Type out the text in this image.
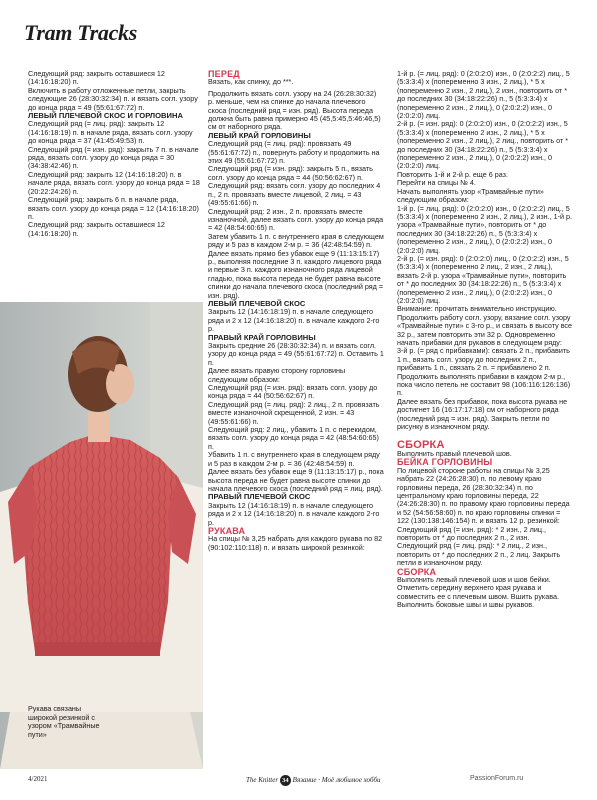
Tram Tracks

Следующий ряд: закрыть оставшиеся 12 (14:16:18:20) п.

Включить в работу отложенные петли, закрыть следующие 26 (28:30:32:34) п. и вязать согл. узору до конца ряда = 49 (55:61:67:72) п.

ЛЕВЫЙ ПЛЕЧЕВОЙ СКОС И ГОРЛОВИНА

Следующий ряд (= лиц. ряд): закрыть 12 (14:16:18:19) п. в начале ряда, вязать согл. узору до конца ряда = 37 (41:45:49:53) п.

Следующий ряд (= изн. ряд): закрыть 7 п. в начале ряда, вязать согл. узору до конца ряда = 30 (34:38:42:46) п.

Следующий ряд: закрыть 12 (14:16:18:20) п. в начале ряда, вязать согл. узору до конца ряда = 18 (20:22:24:26) п.

Следующий ряд: закрыть 6 п. в начале ряда, вязать согл. узору до конца ряда = 12 (14:16:18:20) п.

Следующий ряд: закрыть оставшиеся 12 (14:16:18:20) п.

Рукава связаны широкой резинкой с узором «Трамвайные пути»

ПЕРЕД

Вязать, как спинку, до ***.

Продолжить вязать согл. узору на 24 (26:28:30:32) р. меньше, чем на спинке до начала плечевого скоса (последний ряд = изн. ряд). Высота переда должна быть равна примерно 45 (45,5:45,5:46:46,5) см от наборного ряда.

ЛЕВЫЙ КРАЙ ГОРЛОВИНЫ

Следующий ряд (= лиц. ряд): провязать 49 (55:61:67:72) п., повернуть работу и продолжить на этих 49 (55:61:67:72) п.

Следующий ряд (= изн. ряд): закрыть 5 п., вязать согл. узору до конца ряда = 44 (50:56:62:67) п.

Следующий ряд: вязать согл. узору до последних 4 п., 2 п. провязать вместе лицевой, 2 лиц. = 43 (49:55:61:66) п.

Следующий ряд: 2 изн., 2 п. провязать вместе изнаночной, далее вязать согл. узору до конца ряда = 42 (48:54:60:65) п.

Затем убавить 1 п. с внутреннего края в следующем ряду и 5 раз в каждом 2-м р. = 36 (42:48:54:59) п.

Далее вязать прямо без убавок еще 9 (11:13:15:17) р., выполняя последние 3 п. каждого лицевого ряда и первые 3 п. каждого изнаночного ряда лицевой гладью, пока высота переда не будет равна высоте спинки до начала плечевого скоса (последний ряд = изн. ряд).

ЛЕВЫЙ ПЛЕЧЕВОЙ СКОС

Закрыть 12 (14:16:18:19) п. в начале следующего ряда и 2 х 12 (14:16:18:20) п. в начале каждого 2-го р.

ПРАВЫЙ КРАЙ ГОРЛОВИНЫ

Закрыть средние 26 (28:30:32:34) п. и вязать согл. узору до конца ряда = 49 (55:61:67:72) п. Оставить 1 п.

Далее вязать правую сторону горловины следующим образом:

Следующий ряд (= изн. ряд): вязать согл. узору до конца ряда = 44 (50:56:62:67) п.

Следующий ряд (= лиц. ряд): 2 лиц., 2 п. провязать вместе изнаночной скрещенной, 2 изн. = 43 (49:55:61:66) п.

Следующий ряд: 2 лиц., убавить 1 п. с перекидом, вязать согл. узору до конца ряда = 42 (48:54:60:65) п.

Убавить 1 п. с внутреннего края в следующем ряду и 5 раз в каждом 2-м р. = 36 (42:48:54:59) п.

Далее вязать без убавок еще 9 (11:13:15:17) р., пока высота переда не будет равна высоте спинки до начала плечевого скоса (последний ряд = лиц. ряд).

ПРАВЫЙ ПЛЕЧЕВОЙ СКОС

Закрыть 12 (14:16:18:19) п. в начале следующего ряда и 2 х 12 (14:16:18:20) п. в начале каждого 2-го р.

РУКАВА

На спицы № 3,25 набрать для каждого рукава по 82 (90:102:110:118) п. и вязать широкой резинкой:

1-й р. (= лиц. ряд): 0 (2:0:2:0) изн., 0 (2:0:2:2) лиц., 5 (5:3:3:4) х (попеременно 3 изн., 2 лиц.), * 5 х (попеременно 2 изн., 2 лиц.), 2 изн., повторить от * до последних 30 (34:18:22:26) п., 5 (5:3:3:4) х (попеременно 2 изн., 2 лиц.), 0 (2:0:2:2) изн., 0 (2:0:2:0) лиц.

2-й р. (= изн. ряд): 0 (2:0:2:0) изн., 0 (2:0:2:2) изн., 5 (5:3:3:4) х (попеременно 2 изн., 2 лиц.), * 5 х (попеременно 2 изн., 2 лиц.), 2 лиц., повторить от * до последних 30 (34:18:22:26) п., 5 (5:3:3:4) х (попеременно 2 изн., 2 лиц.), 0 (2:0:2:2) изн., 0 (2:0:2:0) лиц.

Повторить 1-й и 2-й р. еще 6 раз.

Перейти на спицы № 4.

Начать выполнять узор «Трамвайные пути» следующим образом:

1-й р. (= лиц. ряд): 0 (2:0:2:0) изн., 0 (2:0:2:2) лиц., 5 (5:3:3:4) х (попеременно 2 изн., 2 лиц.), 2 изн., 1-й р. узора «Трамвайные пути», повторить от * до последних 30 (34:18:22:26) п., 5 (5:3:3:4) х (попеременно 2 изн., 2 лиц.), 0 (2:0:2:2) изн., 0 (2:0:2:0) лиц.

2-й р. (= изн. ряд): 0 (2:0:2:0) лиц., 0 (2:0:2:2) изн., 5 (5:3:3:4) х (попеременно 2 лиц., 2 изн., 2 лиц.), вязать 2-й р. узора «Трамвайные пути», повторить от * до последних 30 (34:18:22:26) п., 5 (5:3:3:4) х (попеременно 2 изн., 2 лиц.), 0 (2:0:2:2) изн., 0 (2:0:2:0) лиц.

Внимание: прочитать внимательно инструкцию.

Продолжить работу согл. узору, вязание согл. узору «Трамвайные пути» с 3-го р., и связать в высоту все 32 р., затем повторить эти 32 р. Одновременно начать прибавки для рукавов в следующем ряду:

3-й р. (= ряд с прибавками): связать 2 п., прибавить 1 п., вязать согл. узору до последних 2 п., прибавить 1 п., связать 2 п. = прибавлено 2 п.

Продолжить выполнять прибавки в каждом 2-м р., пока число петель не составит 98 (106:116:126:136) п.

Далее вязать без прибавок, пока высота рукава не достигнет 16 (16:17:17:18) см от наборного ряда (последний ряд = изн. ряд). Закрыть петли по рисунку в изнаночном ряду.

СБОРКА

Выполнить правый плечевой шов.

БЕЙКА ГОРЛОВИНЫ

По лицевой стороне работы на спицы № 3,25 набрать 22 (24:26:28:30) п. по левому краю горловины переда, 26 (28:30:32:34) п. по центральному краю горловины переда, 22 (24:26:28:30) п. по правому краю горловины переда и 52 (54:56:58:60) п. по краю горловины спинки = 122 (130:138:146:154) п. и вязать 12 р. резинкой:

Следующий ряд (= изн. ряд): * 2 изн., 2 лиц., повторить от * до последних 2 п., 2 изн.

Следующий ряд (= лиц. ряд): * 2 лиц., 2 изн., повторить от * до последних 2 п., 2 лиц. Закрыть петли в изнаночном ряду.

СБОРКА

Выполнить левый плечевой шов и шов бейки. Отметить середину верхнего края рукава и совместить ее с плечевым швом. Вшить рукава. Выполнить боковые швы и швы рукавов.

4/2021	The Knitter 34 Вязание · Моё любимое хобби	PassionForum.ru
